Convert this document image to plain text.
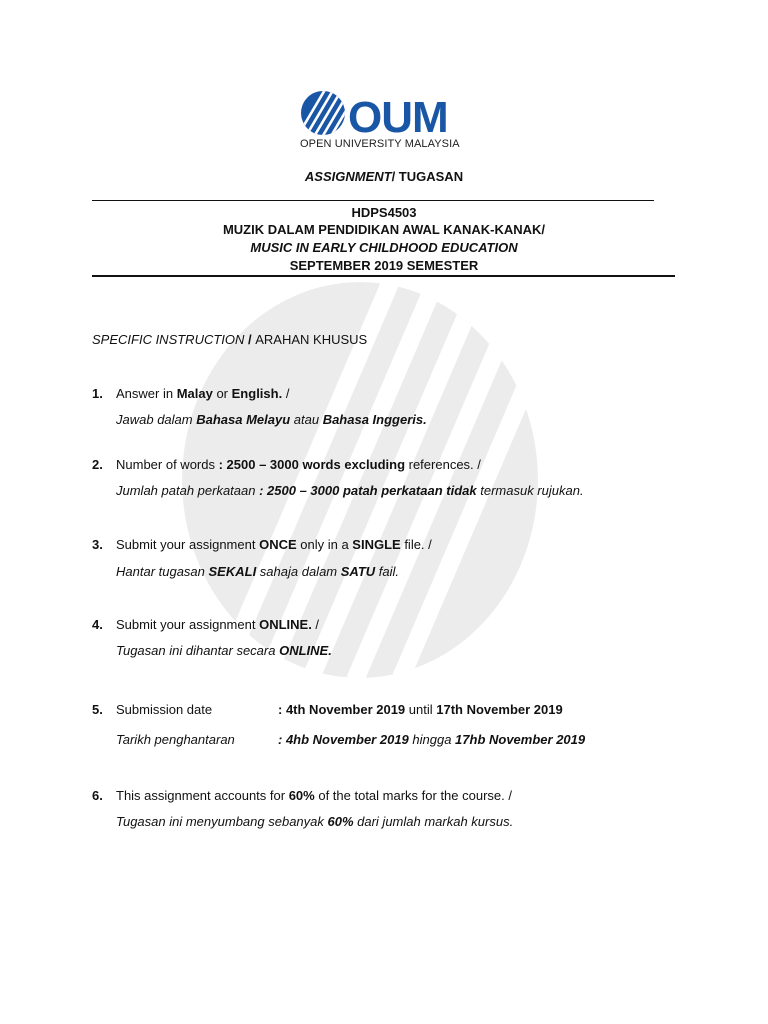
OUM
OPEN UNIVERSITY MALAYSIA
ASSIGNMENT/ TUGASAN
HDPS4503
MUZIK DALAM PENDIDIKAN AWAL KANAK-KANAK/
MUSIC IN EARLY CHILDHOOD EDUCATION
SEPTEMBER 2019 SEMESTER
SPECIFIC INSTRUCTION / ARAHAN KHUSUS
1. Answer in Malay or English. /
Jawab dalam Bahasa Melayu atau Bahasa Inggeris.
2. Number of words : 2500 – 3000 words excluding references. /
Jumlah patah perkataan : 2500 – 3000 patah perkataan tidak termasuk rujukan.
3. Submit your assignment ONCE only in a SINGLE file. /
Hantar tugasan SEKALI sahaja dalam SATU fail.
4. Submit your assignment ONLINE. /
Tugasan ini dihantar secara ONLINE.
5. Submission date	: 4th November 2019 until 17th November 2019
Tarikh penghantaran	: 4hb November 2019 hingga 17hb November 2019
6. This assignment accounts for 60% of the total marks for the course. /
Tugasan ini menyumbang sebanyak 60% dari jumlah markah kursus.
